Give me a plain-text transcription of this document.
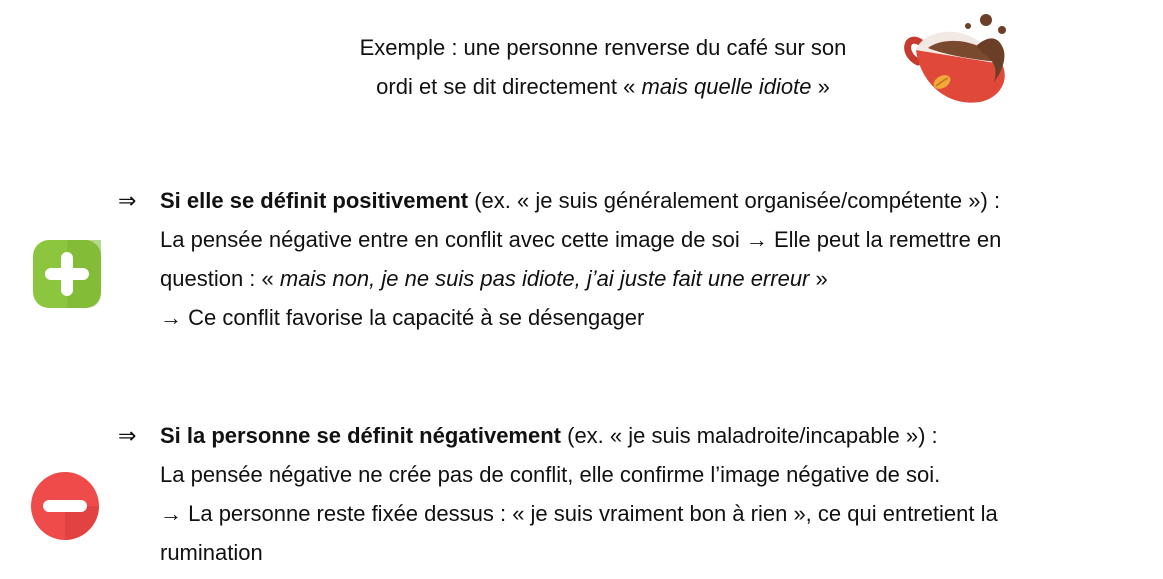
Exemple : une personne renverse du café sur son
ordi et se dit directement « mais quelle idiote »
⇒ Si elle se définit positivement (ex. « je suis généralement organisée/compétente ») :
La pensée négative entre en conflit avec cette image de soi → Elle peut la remettre en
question : « mais non, je ne suis pas idiote, j’ai juste fait une erreur »
→ Ce conflit favorise la capacité à se désengager
⇒ Si la personne se définit négativement (ex. « je suis maladroite/incapable ») :
La pensée négative ne crée pas de conflit, elle confirme l’image négative de soi.
→ La personne reste fixée dessus : « je suis vraiment bon à rien », ce qui entretient la
rumination
